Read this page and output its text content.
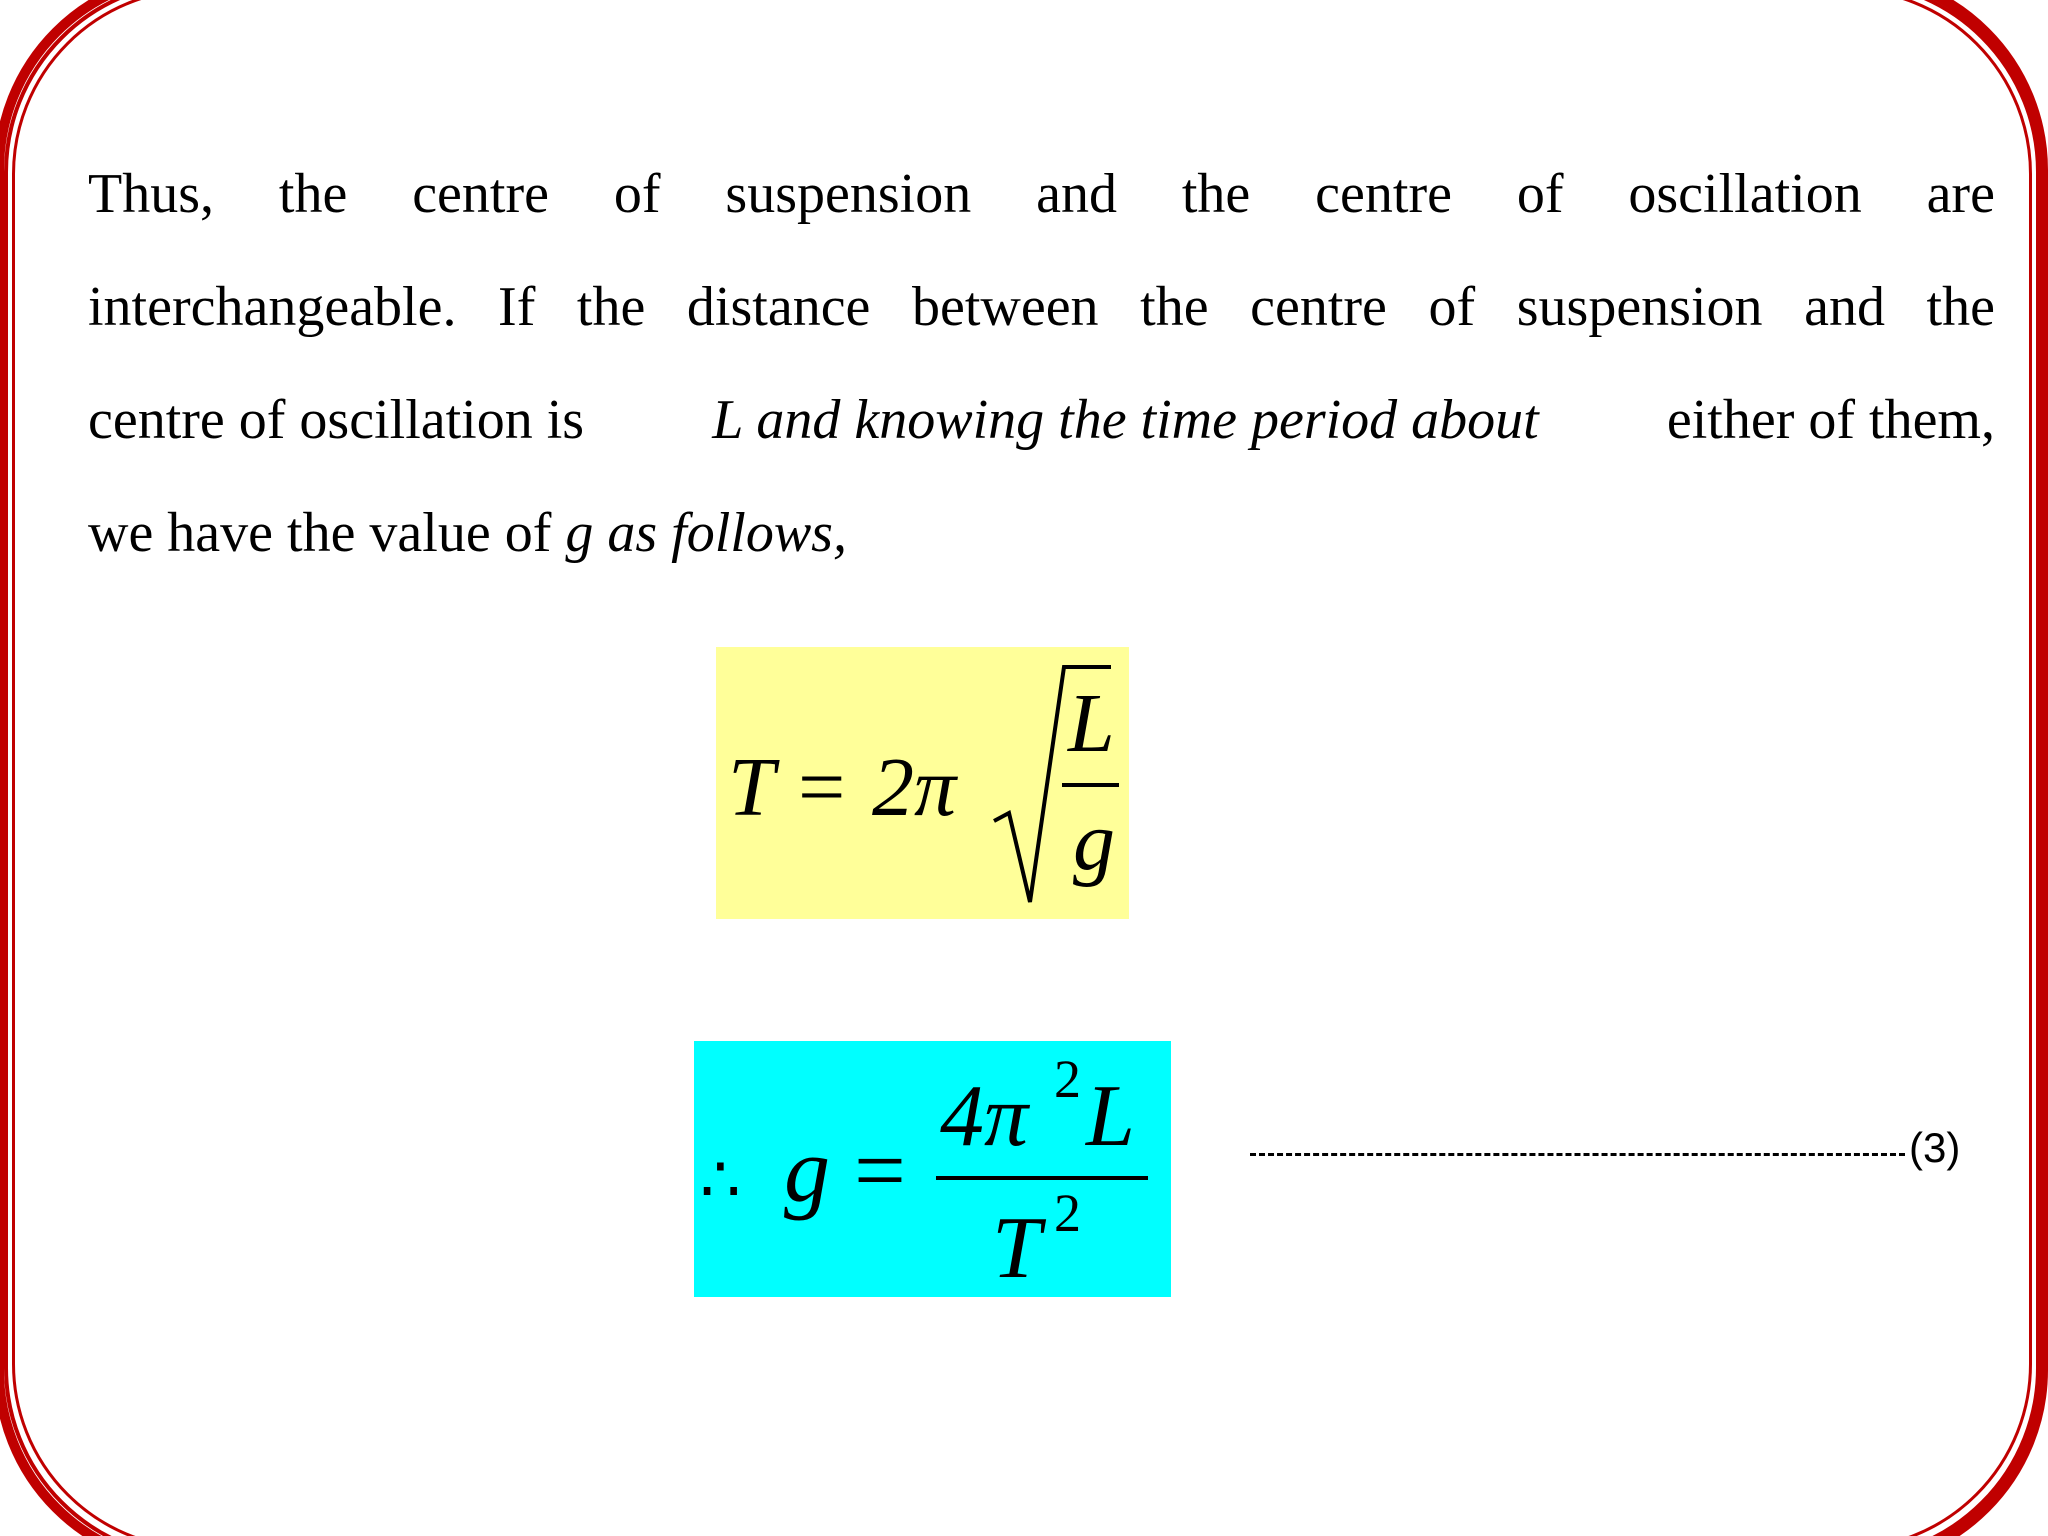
Thus, the centre of suspension and the centre of oscillation are
interchangeable. If the distance between the centre of suspension and the
centre of oscillation is L and knowing the time period about either of them,
we have the value of g as follows,
T = 2π
L
g
∴ g =
4π 2 L
T 2
(3)
